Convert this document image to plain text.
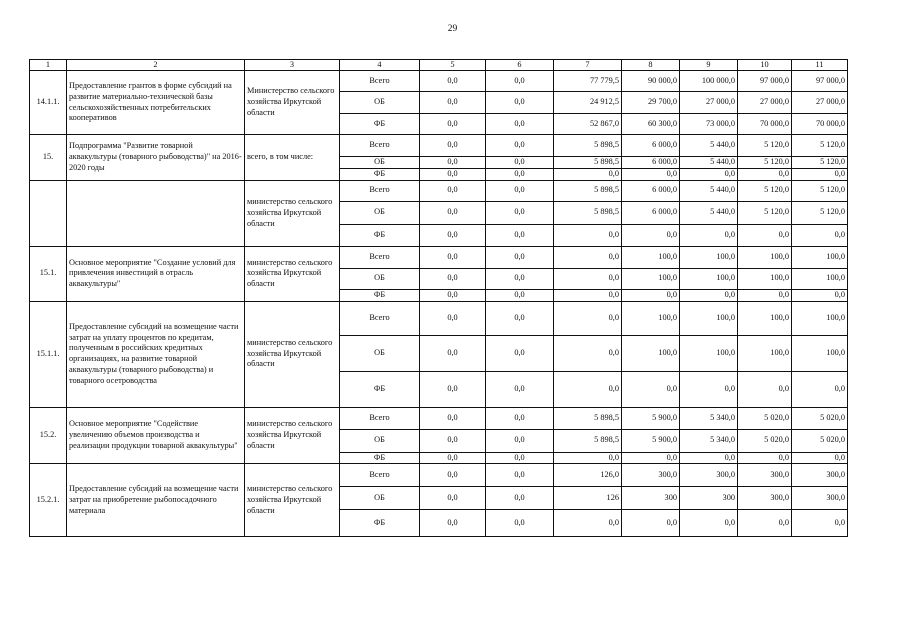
29
1	2	3	4	5	6	7	8	9	10	11
14.1.1.	Предоставление грантов в форме субсидий на развитие материально-технической базы сельскохозяйственных потребительских кооперативов	Министерство сельского хозяйства Иркутской области	Всего	0,0	0,0	77 779,5	90 000,0	100 000,0	97 000,0	97 000,0
			ОБ	0,0	0,0	24 912,5	29 700,0	27 000,0	27 000,0	27 000,0
			ФБ	0,0	0,0	52 867,0	60 300,0	73 000,0	70 000,0	70 000,0
15.	Подпрограмма "Развитие товарной аквакультуры (товарного рыбоводства)" на 2016-2020 годы	всего, в том числе:	Всего	0,0	0,0	5 898,5	6 000,0	5 440,0	5 120,0	5 120,0
			ОБ	0,0	0,0	5 898,5	6 000,0	5 440,0	5 120,0	5 120,0
			ФБ	0,0	0,0	0,0	0,0	0,0	0,0	0,0
		министерство сельского хозяйства Иркутской области	Всего	0,0	0,0	5 898,5	6 000,0	5 440,0	5 120,0	5 120,0
			ОБ	0,0	0,0	5 898,5	6 000,0	5 440,0	5 120,0	5 120,0
			ФБ	0,0	0,0	0,0	0,0	0,0	0,0	0,0
15.1.	Основное мероприятие "Создание условий для привлечения инвестиций в отрасль аквакультуры"	министерство сельского хозяйства Иркутской области	Всего	0,0	0,0	0,0	100,0	100,0	100,0	100,0
			ОБ	0,0	0,0	0,0	100,0	100,0	100,0	100,0
			ФБ	0,0	0,0	0,0	0,0	0,0	0,0	0,0
15.1.1.	Предоставление субсидий на возмещение части затрат на уплату процентов по кредитам, полученным в российских кредитных организациях, на развитие товарной аквакультуры (товарного рыбоводства) и товарного осетроводства	министерство сельского хозяйства Иркутской области	Всего	0,0	0,0	0,0	100,0	100,0	100,0	100,0
			ОБ	0,0	0,0	0,0	100,0	100,0	100,0	100,0
			ФБ	0,0	0,0	0,0	0,0	0,0	0,0	0,0
15.2.	Основное мероприятие "Содействие увеличению объемов производства и реализации продукции товарной аквакультуры"	министерство сельского хозяйства Иркутской области	Всего	0,0	0,0	5 898,5	5 900,0	5 340,0	5 020,0	5 020,0
			ОБ	0,0	0,0	5 898,5	5 900,0	5 340,0	5 020,0	5 020,0
			ФБ	0,0	0,0	0,0	0,0	0,0	0,0	0,0
15.2.1.	Предоставление субсидий на возмещение части затрат на приобретение рыбопосадочного материала	министерство сельского хозяйства Иркутской области	Всего	0,0	0,0	126,0	300,0	300,0	300,0	300,0
			ОБ	0,0	0,0	126	300	300	300,0	300,0
			ФБ	0,0	0,0	0,0	0,0	0,0	0,0	0,0
